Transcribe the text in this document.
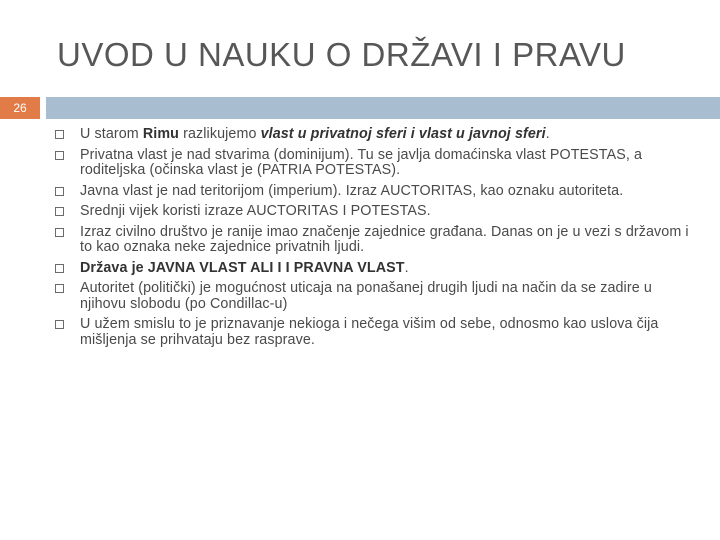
UVOD U NAUKU O DRŽAVI I PRAVU
26
U starom Rimu razlikujemo vlast u privatnoj sferi i vlast u javnoj sferi.
Privatna vlast je nad stvarima (dominijum). Tu se javlja domaćinska vlast POTESTAS, a roditeljska (očinska vlast je (PATRIA POTESTAS).
Javna vlast je nad teritorijom (imperium). Izraz AUCTORITAS, kao oznaku autoriteta.
Srednji vijek koristi izraze AUCTORITAS I POTESTAS.
Izraz civilno društvo je ranije imao značenje zajednice građana. Danas on je u vezi s državom i to kao oznaka neke zajednice privatnih ljudi.
Država je JAVNA VLAST ALI I I PRAVNA VLAST.
Autoritet (politički) je mogućnost uticaja na ponašanej drugih ljudi na način da se zadire u njihovu slobodu (po Condillac-u)
U užem smislu to je priznavanje nekioga i nečega višim od sebe, odnosmo kao uslova čija mišljenja se prihvataju bez rasprave.
